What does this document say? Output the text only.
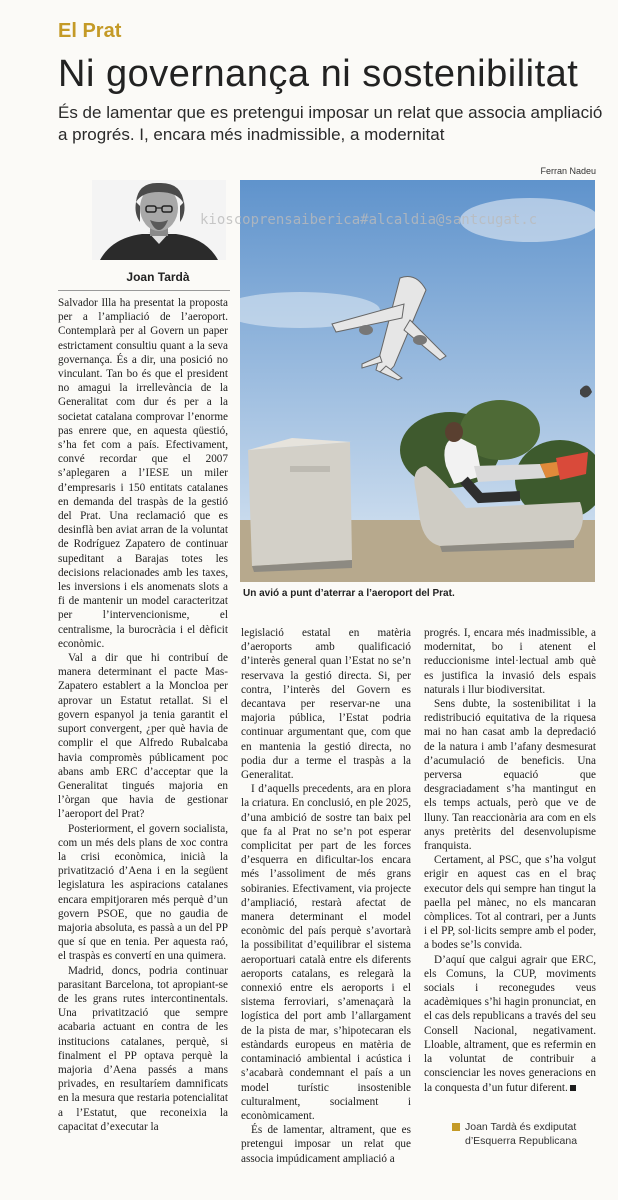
El Prat
Ni governança ni sostenibilitat
És de lamentar que es pretengui imposar un relat que associa ampliació a progrés. I, encara més inadmissible, a modernitat
Ferran Nadeu
Joan Tardà
kioscoprensaiberica#alcaldia@santcugat.c
Un avió a punt d’aterrar a l’aeroport del Prat.

Salvador Illa ha presentat la proposta per a l’ampliació de l’aeroport. Contemplarà per al Govern un paper estrictament consultiu quant a la seva governança. És a dir, una posició no vinculant. Tan bo és que el president no amagui la irrellevància de la Generalitat com dur és per a la societat catalana comprovar l’enorme pas enrere que, en aquesta qüestió, s’ha fet com a país. Efectivament, convé recordar que el 2007 s’aplegaren a l’IESE un miler d’empresaris i 150 entitats catalanes en demanda del traspàs de la gestió del Prat. Una reclamació que es desinflà ben aviat arran de la voluntat de Rodríguez Zapatero de continuar supeditant a Barajas totes les decisions relacionades amb les taxes, les inversions i els anomenats slots a fi de mantenir un model caracteritzat per l’intervencionisme, el centralisme, la burocràcia i el dèficit econòmic.

Val a dir que hi contribuí de manera determinant el pacte Mas-Zapatero establert a la Moncloa per aprovar un Estatut retallat. Si el govern espanyol ja tenia garantit el suport convergent, ¿per què havia de complir el que Alfredo Rubalcaba havia compromès públicament poc abans amb ERC d’acceptar que la Generalitat tingués majoria en l’òrgan que havia de gestionar l’aeroport del Prat?

Posteriorment, el govern socialista, com un més dels plans de xoc contra la crisi econòmica, inicià la privatització d’Aena i en la següent legislatura les aspiracions catalanes encara empitjoraren més perquè d’un govern PSOE, que no gaudia de majoria absoluta, es passà a un del PP que sí que en tenia. Per aquesta raó, el traspàs es convertí en una quimera.

Madrid, doncs, podria continuar parasitant Barcelona, tot apropiant-se de les grans rutes intercontinentals. Una privatització que sempre acabaria actuant en contra de les institucions catalanes, perquè, si finalment el PP optava perquè la majoria d’Aena passés a mans privades, en resultaríem damnificats en la mesura que restaria potencialitat a l’Estatut, que reconeixia la capacitat d’executar la

legislació estatal en matèria d’aeroports amb qualificació d’interès general quan l’Estat no se’n reservava la gestió directa. Si, per contra, l’interès del Govern es decantava per reservar-ne una majoria pública, l’Estat podria continuar argumentant que, com que en mantenia la gestió directa, no podia dur a terme el traspàs a la Generalitat.

I d’aquells precedents, ara en plora la criatura. En conclusió, en ple 2025, d’una ambició de sostre tan baix pel que fa al Prat no se’n pot esperar complicitat per part de les forces d’esquerra en dificultar-los encara més l’assoliment de més grans sobiranies. Efectivament, via projecte d’ampliació, restarà afectat de manera determinant el model econòmic del país perquè s’avortarà la possibilitat d’equilibrar el sistema aeroportuari català entre els diferents aeroports catalans, es relegarà la connexió entre els aeroports i el sistema ferroviari, s’amenaçarà la logística del port amb l’allargament de la pista de mar, s’hipotecaran els estàndards europeus en matèria de contaminació ambiental i acústica i s’acabarà condemnant el país a un model turístic insostenible culturalment, socialment i econòmicament.

És de lamentar, altrament, que es pretengui imposar un relat que associa impúdicament ampliació a

progrés. I, encara més inadmissible, a modernitat, bo i atenent el reduccionisme intel·lectual amb què es justifica la invasió dels espais naturals i llur biodiversitat.

Sens dubte, la sostenibilitat i la redistribució equitativa de la riquesa mai no han casat amb la depredació de la natura i amb l’afany desmesurat d’acumulació de beneficis. Una perversa equació que desgraciadament s’ha mantingut en els temps actuals, però que ve de lluny. Tan reaccionària ara com en els anys pretèrits del desenvolupisme franquista.

Certament, al PSC, que s’ha volgut erigir en aquest cas en el braç executor dels qui sempre han tingut la paella pel mànec, no els mancaran còmplices. Tot al contrari, per a Junts i el PP, sol·licits sempre amb el poder, a bodes se’ls convida.

D’aquí que calgui agrair que ERC, els Comuns, la CUP, moviments socials i reconegudes veus acadèmiques s’hi hagin pronunciat, en el cas dels republicans a través del seu Consell Nacional, negativament. Lloable, altrament, que es refermin en la voluntat de contribuir a conscienciar les noves generacions en la conquesta d’un futur diferent.

Joan Tardà és exdiputat
d’Esquerra Republicana
